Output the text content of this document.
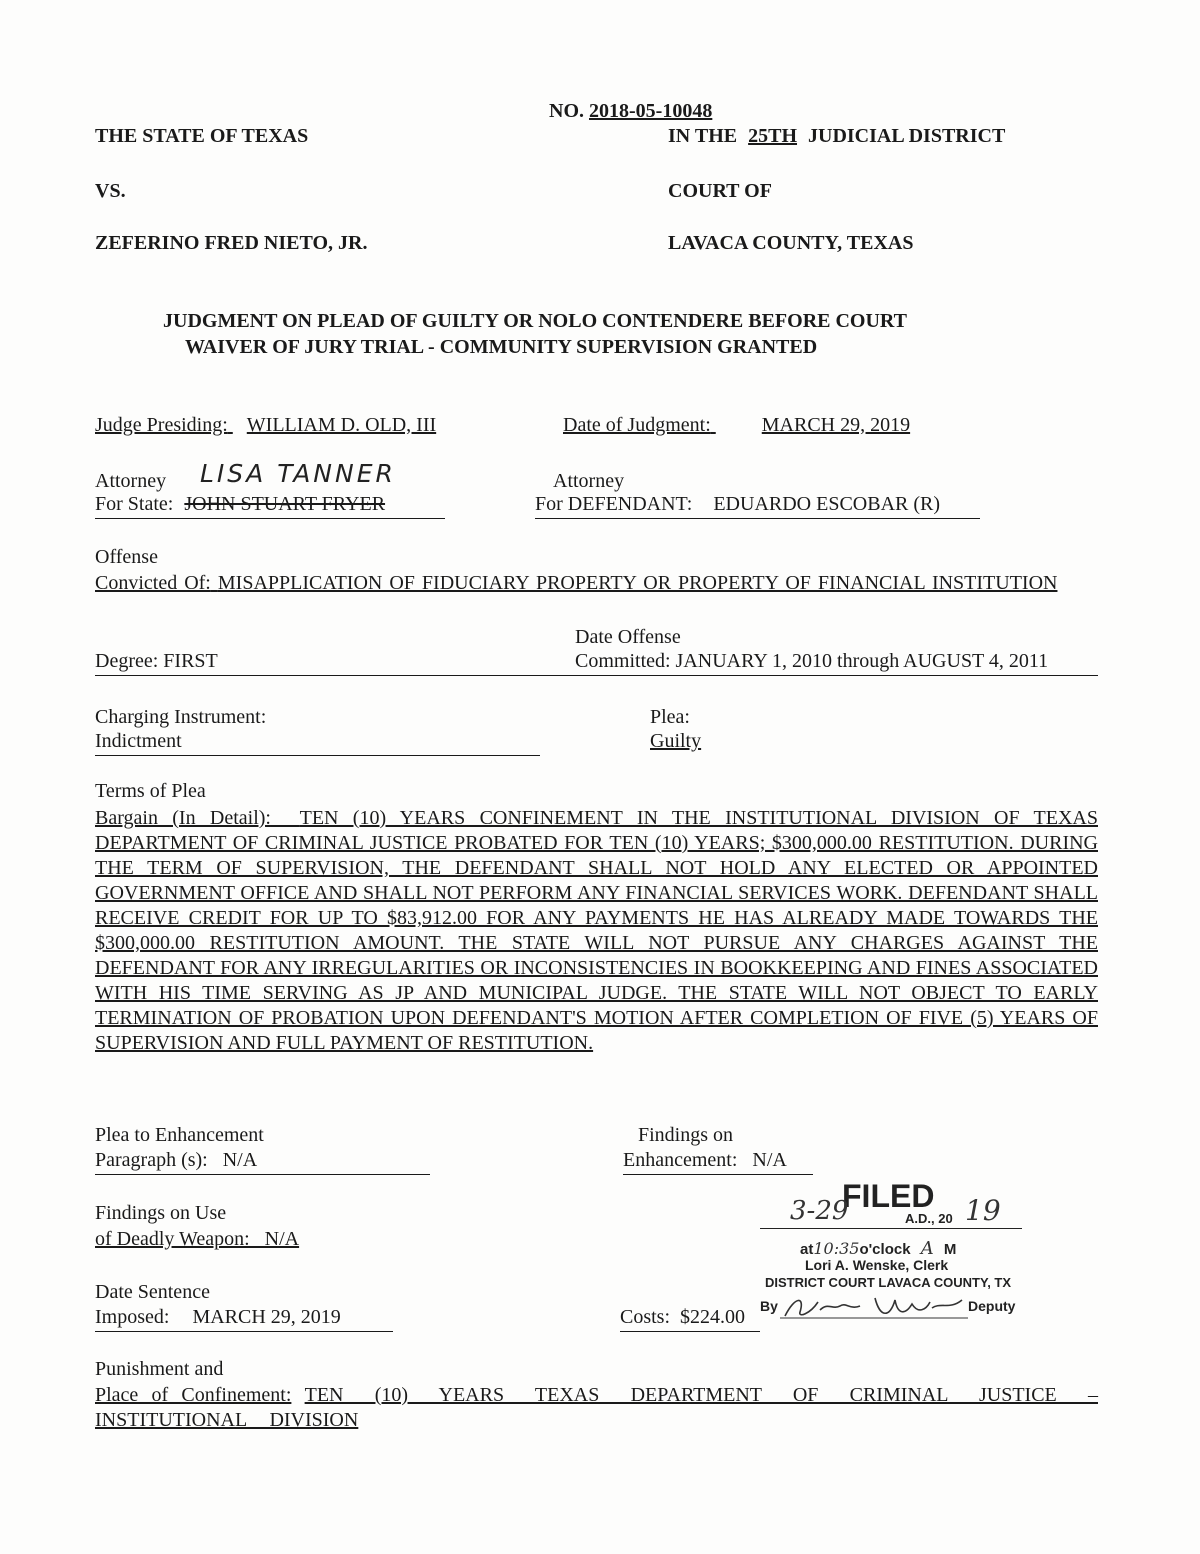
NO. 2018-05-10048
THE STATE OF TEXAS	IN THE 25TH JUDICIAL DISTRICT
VS.	COURT OF
ZEFERINO FRED NIETO, JR.	LAVACA COUNTY, TEXAS
JUDGMENT ON PLEAD OF GUILTY OR NOLO CONTENDERE BEFORE COURT
WAIVER OF JURY TRIAL - COMMUNITY SUPERVISION GRANTED
Judge Presiding: WILLIAM D. OLD, III	Date of Judgment:	MARCH 29, 2019
Attorney LISA TANNER
For State: JOHN STUART FRYER
Attorney
For DEFENDANT: EDUARDO ESCOBAR (R)
Offense
Convicted Of: MISAPPLICATION OF FIDUCIARY PROPERTY OR PROPERTY OF FINANCIAL INSTITUTION
Date Offense
Degree: FIRST	Committed: JANUARY 1, 2010 through AUGUST 4, 2011
Charging Instrument:
Indictment
Plea:
Guilty
Terms of Plea
Bargain (In Detail): TEN (10) YEARS CONFINEMENT IN THE INSTITUTIONAL DIVISION OF TEXAS DEPARTMENT OF CRIMINAL JUSTICE PROBATED FOR TEN (10) YEARS; $300,000.00 RESTITUTION. DURING THE TERM OF SUPERVISION, THE DEFENDANT SHALL NOT HOLD ANY ELECTED OR APPOINTED GOVERNMENT OFFICE AND SHALL NOT PERFORM ANY FINANCIAL SERVICES WORK. DEFENDANT SHALL RECEIVE CREDIT FOR UP TO $83,912.00 FOR ANY PAYMENTS HE HAS ALREADY MADE TOWARDS THE $300,000.00 RESTITUTION AMOUNT. THE STATE WILL NOT PURSUE ANY CHARGES AGAINST THE DEFENDANT FOR ANY IRREGULARITIES OR INCONSISTENCIES IN BOOKKEEPING AND FINES ASSOCIATED WITH HIS TIME SERVING AS JP AND MUNICIPAL JUDGE. THE STATE WILL NOT OBJECT TO EARLY TERMINATION OF PROBATION UPON DEFENDANT'S MOTION AFTER COMPLETION OF FIVE (5) YEARS OF SUPERVISION AND FULL PAYMENT OF RESTITUTION.
Plea to Enhancement
Paragraph (s):   N/A
Findings on
Enhancement:   N/A
Findings on Use
of Deadly Weapon:   N/A
Date Sentence
Imposed: MARCH 29, 2019	Costs:  $224.00
FILED
3-29	A.D., 20 19
at10:35o'clock A M
Lori A. Wenske, Clerk
DISTRICT COURT LAVACA COUNTY, TX
By	Deputy
Punishment and
Place of Confinement: TEN (10) YEARS TEXAS DEPARTMENT OF CRIMINAL JUSTICE – INSTITUTIONAL DIVISION
